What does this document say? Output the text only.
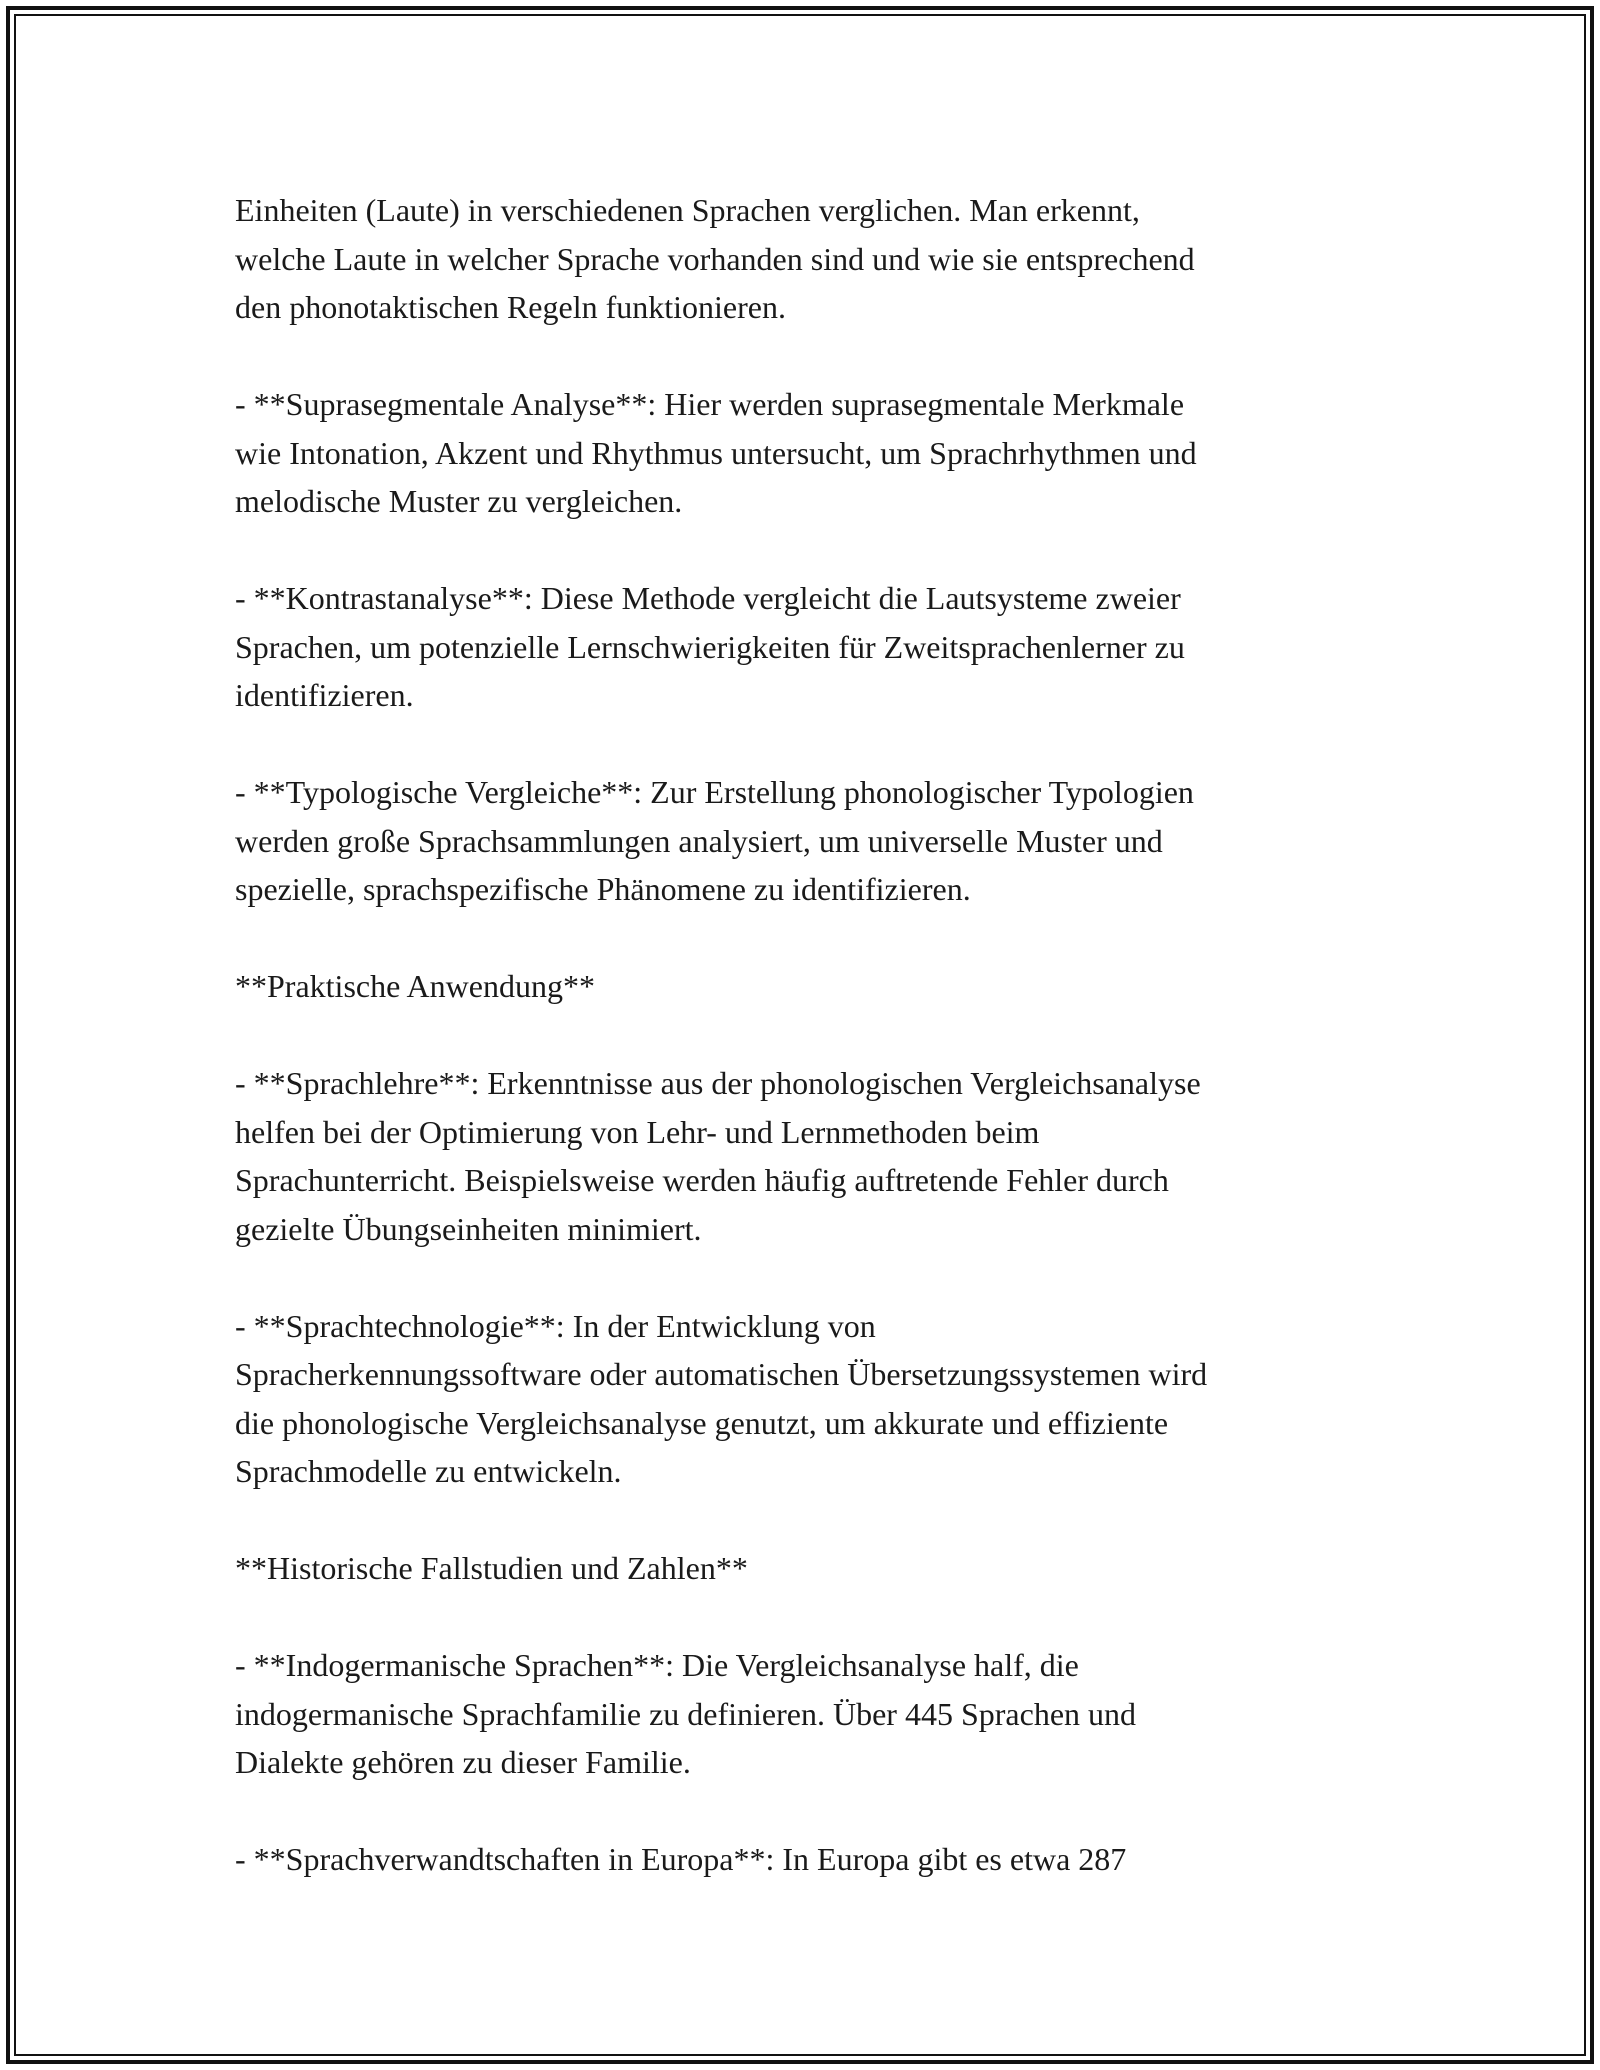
Einheiten (Laute) in verschiedenen Sprachen verglichen. Man erkennt,
welche Laute in welcher Sprache vorhanden sind und wie sie entsprechend
den phonotaktischen Regeln funktionieren.
- **Suprasegmentale Analyse**: Hier werden suprasegmentale Merkmale
wie Intonation, Akzent und Rhythmus untersucht, um Sprachrhythmen und
melodische Muster zu vergleichen.
- **Kontrastanalyse**: Diese Methode vergleicht die Lautsysteme zweier
Sprachen, um potenzielle Lernschwierigkeiten für Zweitsprachenlerner zu
identifizieren.
- **Typologische Vergleiche**: Zur Erstellung phonologischer Typologien
werden große Sprachsammlungen analysiert, um universelle Muster und
spezielle, sprachspezifische Phänomene zu identifizieren.
**Praktische Anwendung**
- **Sprachlehre**: Erkenntnisse aus der phonologischen Vergleichsanalyse
helfen bei der Optimierung von Lehr- und Lernmethoden beim
Sprachunterricht. Beispielsweise werden häufig auftretende Fehler durch
gezielte Übungseinheiten minimiert.
- **Sprachtechnologie**: In der Entwicklung von
Spracherkennungssoftware oder automatischen Übersetzungssystemen wird
die phonologische Vergleichsanalyse genutzt, um akkurate und effiziente
Sprachmodelle zu entwickeln.
**Historische Fallstudien und Zahlen**
- **Indogermanische Sprachen**: Die Vergleichsanalyse half, die
indogermanische Sprachfamilie zu definieren. Über 445 Sprachen und
Dialekte gehören zu dieser Familie.
- **Sprachverwandtschaften in Europa**: In Europa gibt es etwa 287
